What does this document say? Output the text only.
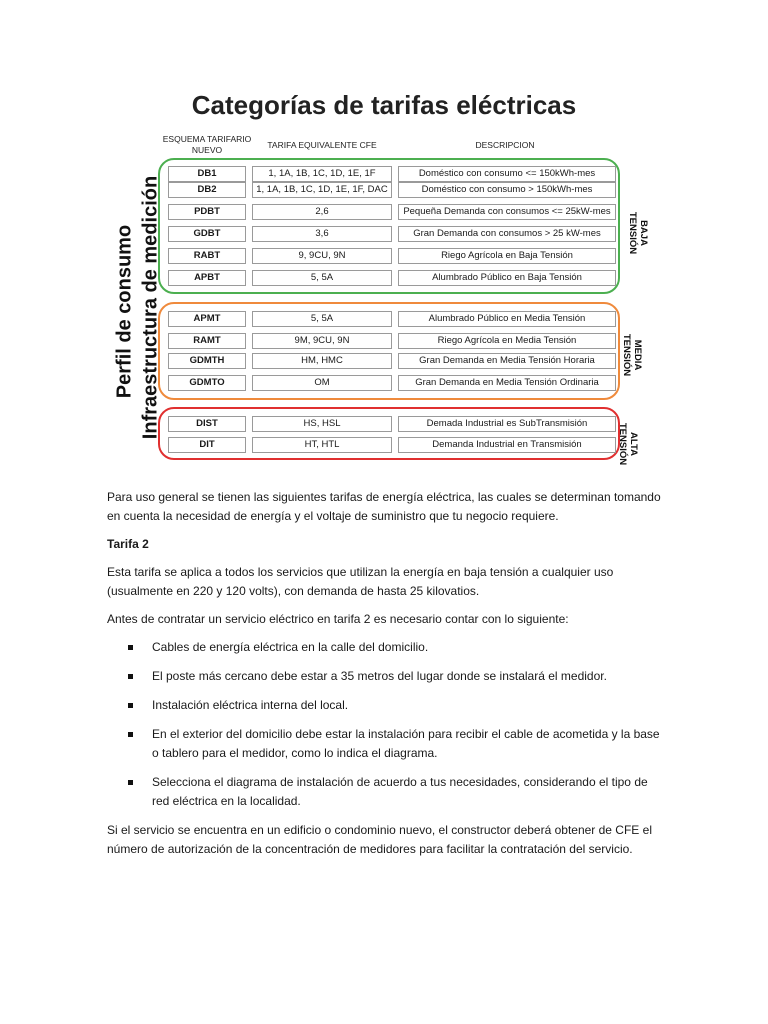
Categorías de tarifas eléctricas
ESQUEMA TARIFARIO NUEVO	TARIFA EQUIVALENTE CFE	DESCRIPCION
Perfil de consumo Infraestructura de medición	BAJA TENSIÓN
DB1	1, 1A, 1B, 1C, 1D, 1E, 1F	Doméstico con consumo <= 150kWh-mes
DB2	1, 1A, 1B, 1C, 1D, 1E, 1F, DAC	Doméstico con consumo > 150kWh-mes
PDBT	2,6	Pequeña Demanda con consumos <= 25kW-mes
GDBT	3,6	Gran Demanda con consumos > 25 kW-mes
RABT	9, 9CU, 9N	Riego Agrícola en Baja Tensión
APBT	5, 5A	Alumbrado Público en Baja Tensión
MEDIA TENSIÓN
APMT	5, 5A	Alumbrado Público en Media Tensión
RAMT	9M, 9CU, 9N	Riego Agrícola en Media Tensión
GDMTH	HM, HMC	Gran Demanda en Media Tensión Horaria
GDMTO	OM	Gran Demanda en Media Tensión Ordinaria
ALTA TENSIÓN
DIST	HS, HSL	Demada Industrial es SubTransmisión
DIT	HT, HTL	Demanda Industrial en Transmisión

Para uso general se tienen las siguientes tarifas de energía eléctrica, las cuales se determinan tomando en cuenta la necesidad de energía y el voltaje de suministro que tu negocio requiere.

Tarifa 2

Esta tarifa se aplica a todos los servicios que utilizan la energía en baja tensión a cualquier uso (usualmente en 220 y 120 volts), con demanda de hasta 25 kilovatios.

Antes de contratar un servicio eléctrico en tarifa 2 es necesario contar con lo siguiente:

Cables de energía eléctrica en la calle del domicilio.
El poste más cercano debe estar a 35 metros del lugar donde se instalará el medidor.
Instalación eléctrica interna del local.
En el exterior del domicilio debe estar la instalación para recibir el cable de acometida y la base o tablero para el medidor, como lo indica el diagrama.
Selecciona el diagrama de instalación de acuerdo a tus necesidades, considerando el tipo de red eléctrica en la localidad.

Si el servicio se encuentra en un edificio o condominio nuevo, el constructor deberá obtener de CFE el número de autorización de la concentración de medidores para facilitar la contratación del servicio.
